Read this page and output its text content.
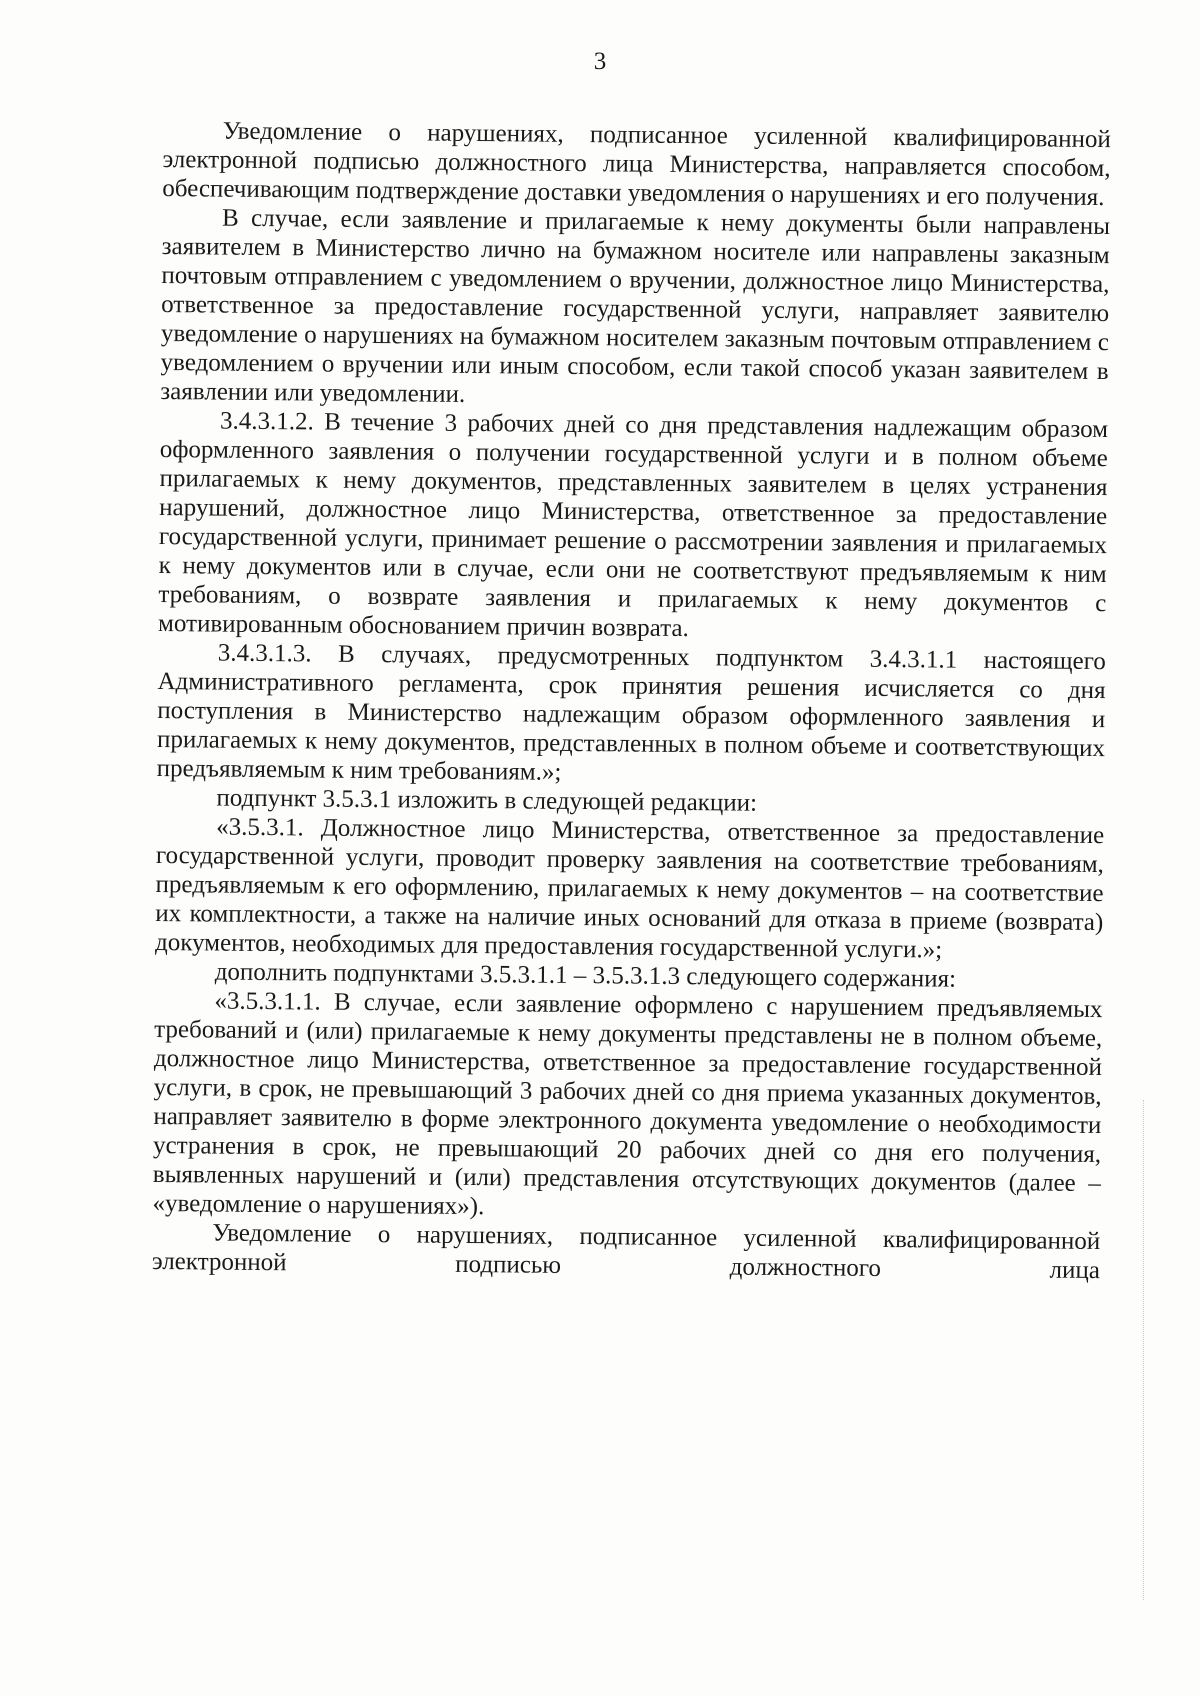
3

Уведомление о нарушениях, подписанное усиленной квалифицированной электронной подписью должностного лица Министерства, направляется способом, обеспечивающим подтверждение доставки уведомления о нарушениях и его получения.

В случае, если заявление и прилагаемые к нему документы были направлены заявителем в Министерство лично на бумажном носителе или направлены заказным почтовым отправлением с уведомлением о вручении, должностное лицо Министерства, ответственное за предоставление государственной услуги, направляет заявителю уведомление о нарушениях на бумажном носителем заказным почтовым отправлением с уведомлением о вручении или иным способом, если такой способ указан заявителем в заявлении или уведомлении.

3.4.3.1.2. В течение 3 рабочих дней со дня представления надлежащим образом оформленного заявления о получении государственной услуги и в полном объеме прилагаемых к нему документов, представленных заявителем в целях устранения нарушений, должностное лицо Министерства, ответственное за предоставление государственной услуги, принимает решение о рассмотрении заявления и прилагаемых к нему документов или в случае, если они не соответствуют предъявляемым к ним требованиям, о возврате заявления и прилагаемых к нему документов с мотивированным обоснованием причин возврата.

3.4.3.1.3. В случаях, предусмотренных подпунктом 3.4.3.1.1 настоящего Административного регламента, срок принятия решения исчисляется со дня поступления в Министерство надлежащим образом оформленного заявления и прилагаемых к нему документов, представленных в полном объеме и соответствующих предъявляемым к ним требованиям.»;

подпункт 3.5.3.1 изложить в следующей редакции:

«3.5.3.1. Должностное лицо Министерства, ответственное за предоставление государственной услуги, проводит проверку заявления на соответствие требованиям, предъявляемым к его оформлению, прилагаемых к нему документов – на соответствие их комплектности, а также на наличие иных оснований для отказа в приеме (возврата) документов, необходимых для предоставления государственной услуги.»;

дополнить подпунктами 3.5.3.1.1 – 3.5.3.1.3 следующего содержания:

«3.5.3.1.1. В случае, если заявление оформлено с нарушением предъявляемых требований и (или) прилагаемые к нему документы представлены не в полном объеме, должностное лицо Министерства, ответственное за предоставление государственной услуги, в срок, не превышающий 3 рабочих дней со дня приема указанных документов, направляет заявителю в форме электронного документа уведомление о необходимости устранения в срок, не превышающий 20 рабочих дней со дня его получения, выявленных нарушений и (или) представления отсутствующих документов (далее – «уведомление о нарушениях»).

Уведомление о нарушениях, подписанное усиленной квалифицированной электронной подписью должностного лица
